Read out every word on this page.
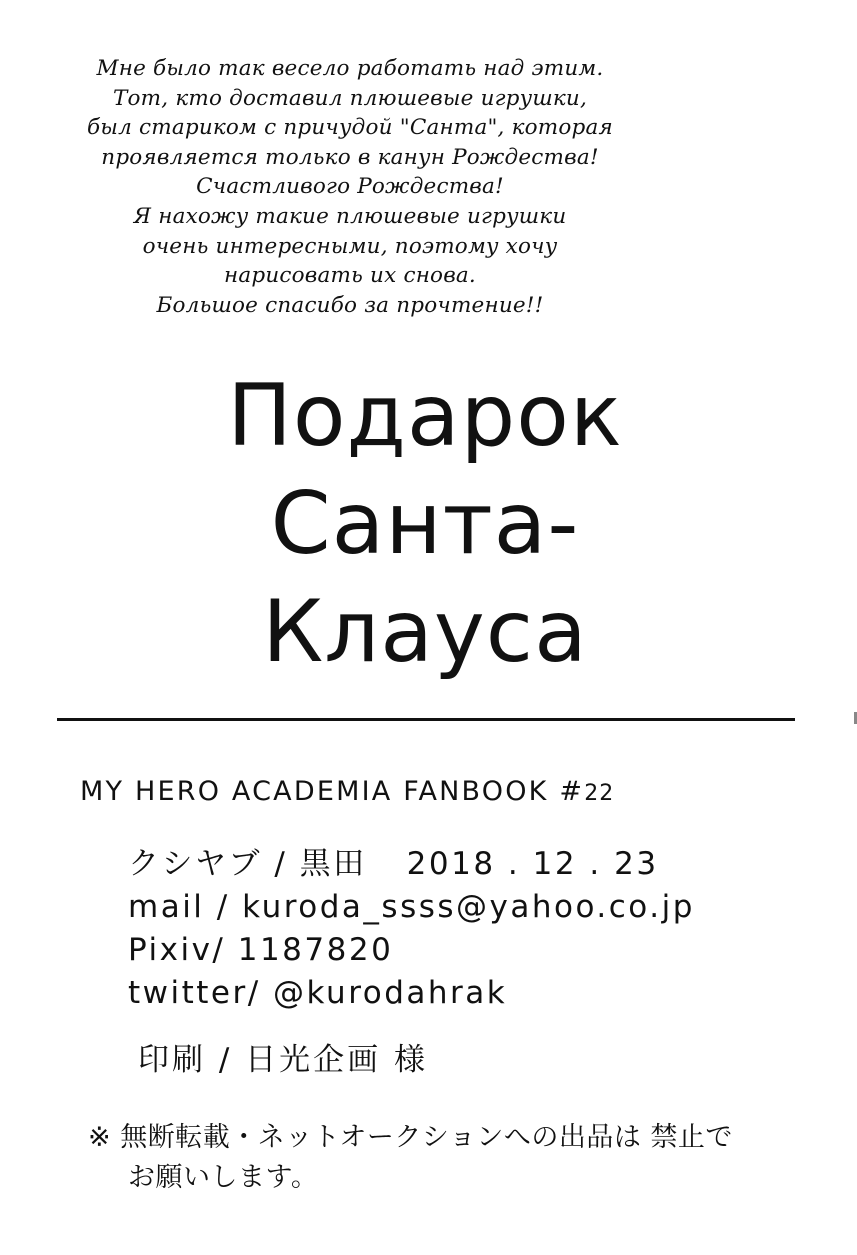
Мне было так весело работать над этим.
Тот, кто доставил плюшевые игрушки,
был стариком с причудой "Санта", которая
проявляется только в канун Рождества!
Счастливого Рождества!
Я нахожу такие плюшевые игрушки
очень интересными, поэтому хочу
нарисовать их снова.
Большое спасибо за прочтение!!
Подарок
Санта-
Клауса
MY HERO ACADEMIA FANBOOK #22
クシヤブ / 黒田 2018 . 12 . 23
mail / kuroda_ssss@yahoo.co.jp
Pixiv/ 1187820
twitter/ @kurodahrak
印刷 / 日光企画 様
※ 無断転載・ネットオークションへの出品は 禁止で
お願いします。
